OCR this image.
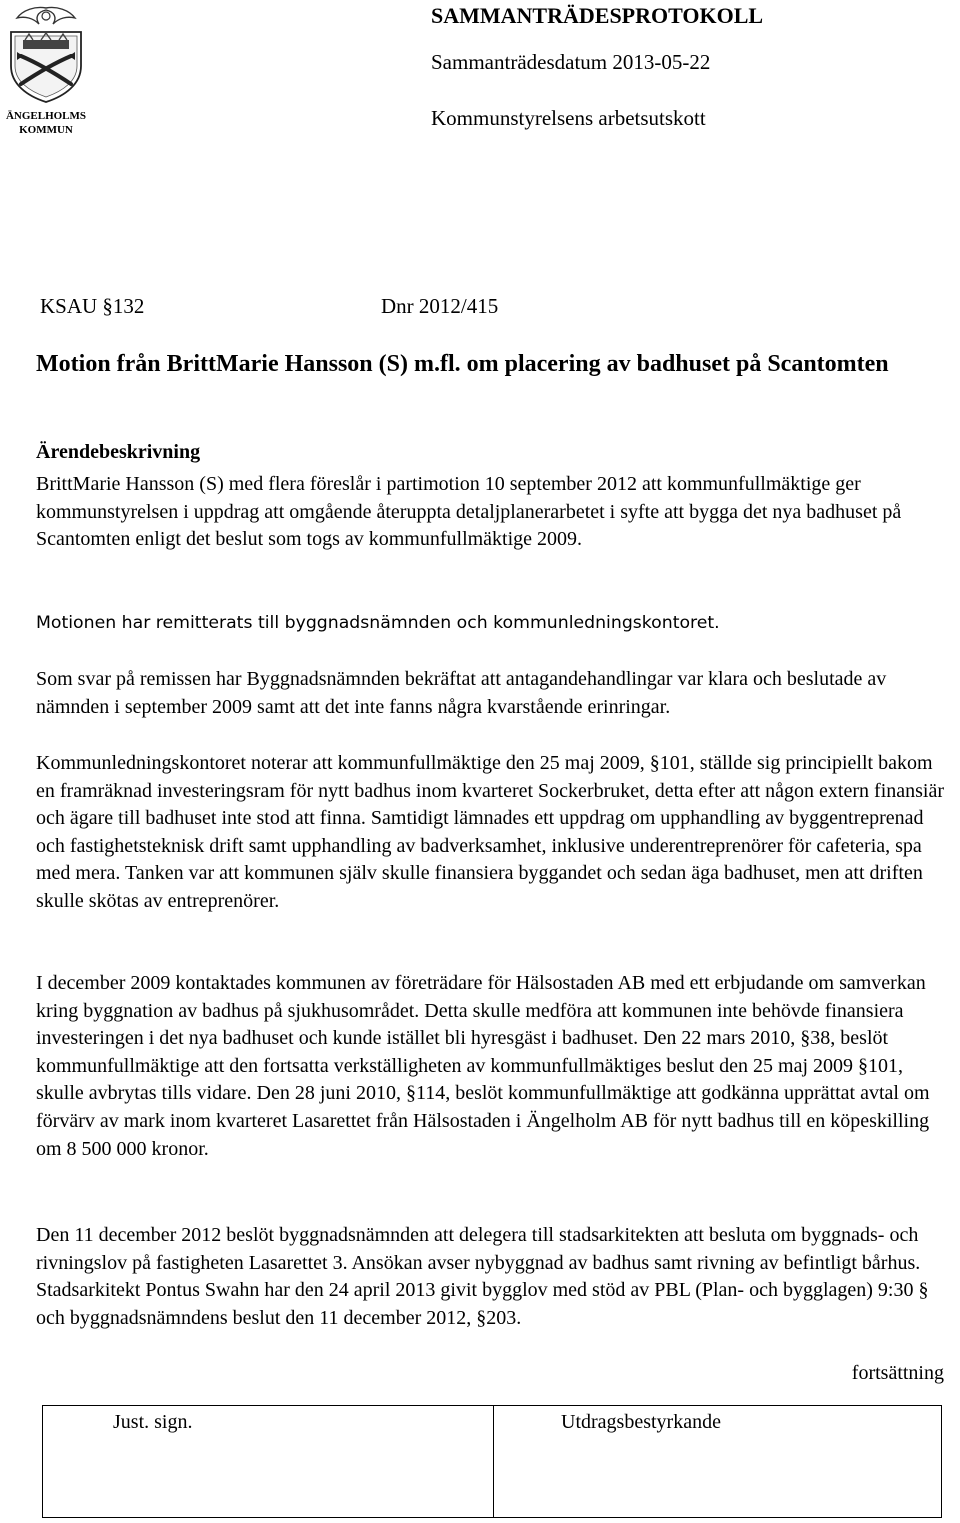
ÄNGELHOLMS
KOMMUN
SAMMANTRÄDESPROTOKOLL
Sammanträdesdatum 2013-05-22
Kommunstyrelsens arbetsutskott
KSAU §132	Dnr 2012/415
Motion från BrittMarie Hansson (S) m.fl. om placering av badhuset på Scantomten
Ärendebeskrivning

BrittMarie Hansson (S) med flera föreslår i partimotion 10 september 2012 att kommunfullmäktige ger kommunstyrelsen i uppdrag att omgående återuppta detaljplanerarbetet i syfte att bygga det nya badhuset på Scantomten enligt det beslut som togs av kommunfullmäktige 2009.

Motionen har remitterats till byggnadsnämnden och kommunledningskontoret.

Som svar på remissen har Byggnadsnämnden bekräftat att antagandehandlingar var klara och beslutade av nämnden i september 2009 samt att det inte fanns några kvarstående erinringar.

Kommunledningskontoret noterar att kommunfullmäktige den 25 maj 2009, §101, ställde sig principiellt bakom en framräknad investeringsram för nytt badhus inom kvarteret Sockerbruket, detta efter att någon extern finansiär och ägare till badhuset inte stod att finna. Samtidigt lämnades ett uppdrag om upphandling av byggentreprenad och fastighetsteknisk drift samt upphandling av badverksamhet, inklusive underentreprenörer för cafeteria, spa med mera. Tanken var att kommunen själv skulle finansiera byggandet och sedan äga badhuset, men att driften skulle skötas av entreprenörer.

I december 2009 kontaktades kommunen av företrädare för Hälsostaden AB med ett erbjudande om samverkan kring byggnation av badhus på sjukhusområdet. Detta skulle medföra att kommunen inte behövde finansiera investeringen i det nya badhuset och kunde istället bli hyresgäst i badhuset. Den 22 mars 2010, §38, beslöt kommunfullmäktige att den fortsatta verkställigheten av kommunfullmäktiges beslut den 25 maj 2009 §101, skulle avbrytas tills vidare. Den 28 juni 2010, §114, beslöt kommunfullmäktige att godkänna upprättat avtal om förvärv av mark inom kvarteret Lasarettet från Hälsostaden i Ängelholm AB för nytt badhus till en köpeskilling om 8 500 000 kronor.

Den 11 december 2012 beslöt byggnadsnämnden att delegera till stadsarkitekten att besluta om byggnads- och rivningslov på fastigheten Lasarettet 3. Ansökan avser nybyggnad av badhus samt rivning av befintligt bårhus. Stadsarkitekt Pontus Swahn har den 24 april 2013 givit bygglov med stöd av PBL (Plan- och bygglagen) 9:30 § och byggnadsnämndens beslut den 11 december 2012, §203.

fortsättning
Just. sign.	Utdragsbestyrkande
